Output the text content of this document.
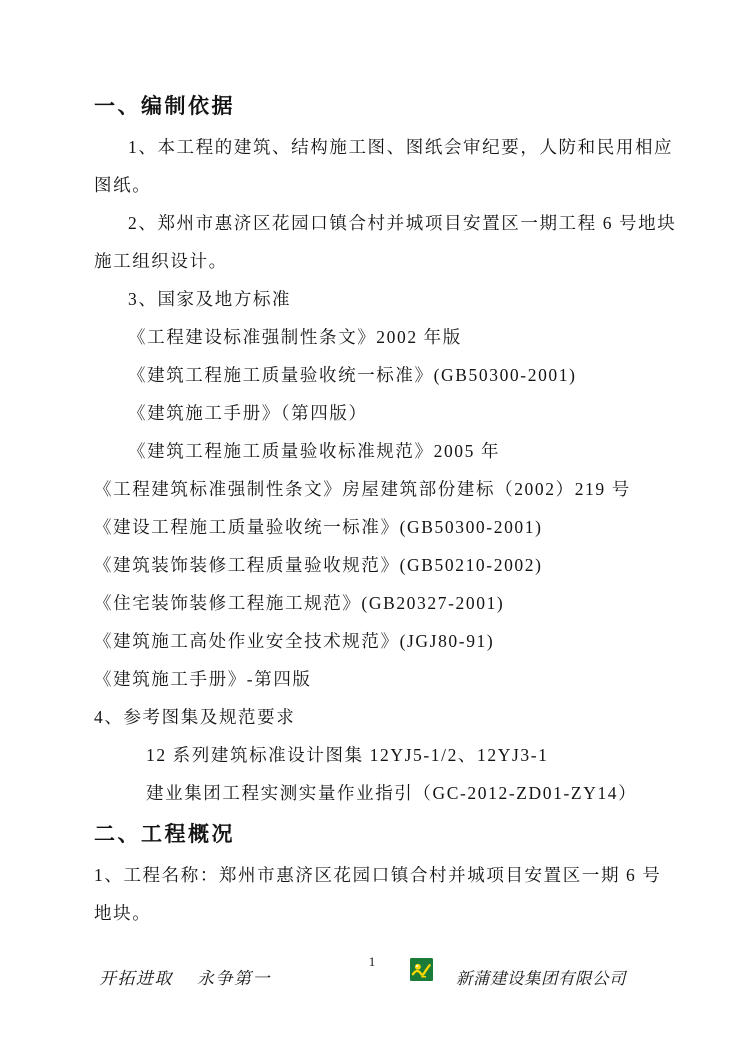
一、编制依据

1、本工程的建筑、结构施工图、图纸会审纪要，人防和民用相应

图纸。

2、郑州市惠济区花园口镇合村并城项目安置区一期工程 6 号地块

施工组织设计。

3、国家及地方标准

《工程建设标准强制性条文》2002 年版

《建筑工程施工质量验收统一标准》(GB50300-2001)

《建筑施工手册》（第四版）

《建筑工程施工质量验收标准规范》2005 年

《工程建筑标准强制性条文》房屋建筑部份建标（2002）219 号

《建设工程施工质量验收统一标准》(GB50300-2001)

《建筑装饰装修工程质量验收规范》(GB50210-2002)

《住宅装饰装修工程施工规范》(GB20327-2001)

《建筑施工高处作业安全技术规范》(JGJ80-91)

《建筑施工手册》-第四版

4、参考图集及规范要求

12 系列建筑标准设计图集 12YJ5-1/2、12YJ3-1

建业集团工程实测实量作业指引（GC-2012-ZD01-ZY14）

二、工程概况

1、工程名称：郑州市惠济区花园口镇合村并城项目安置区一期 6 号

地块。

1
开拓进取 永争第一	新蒲建设集团有限公司
